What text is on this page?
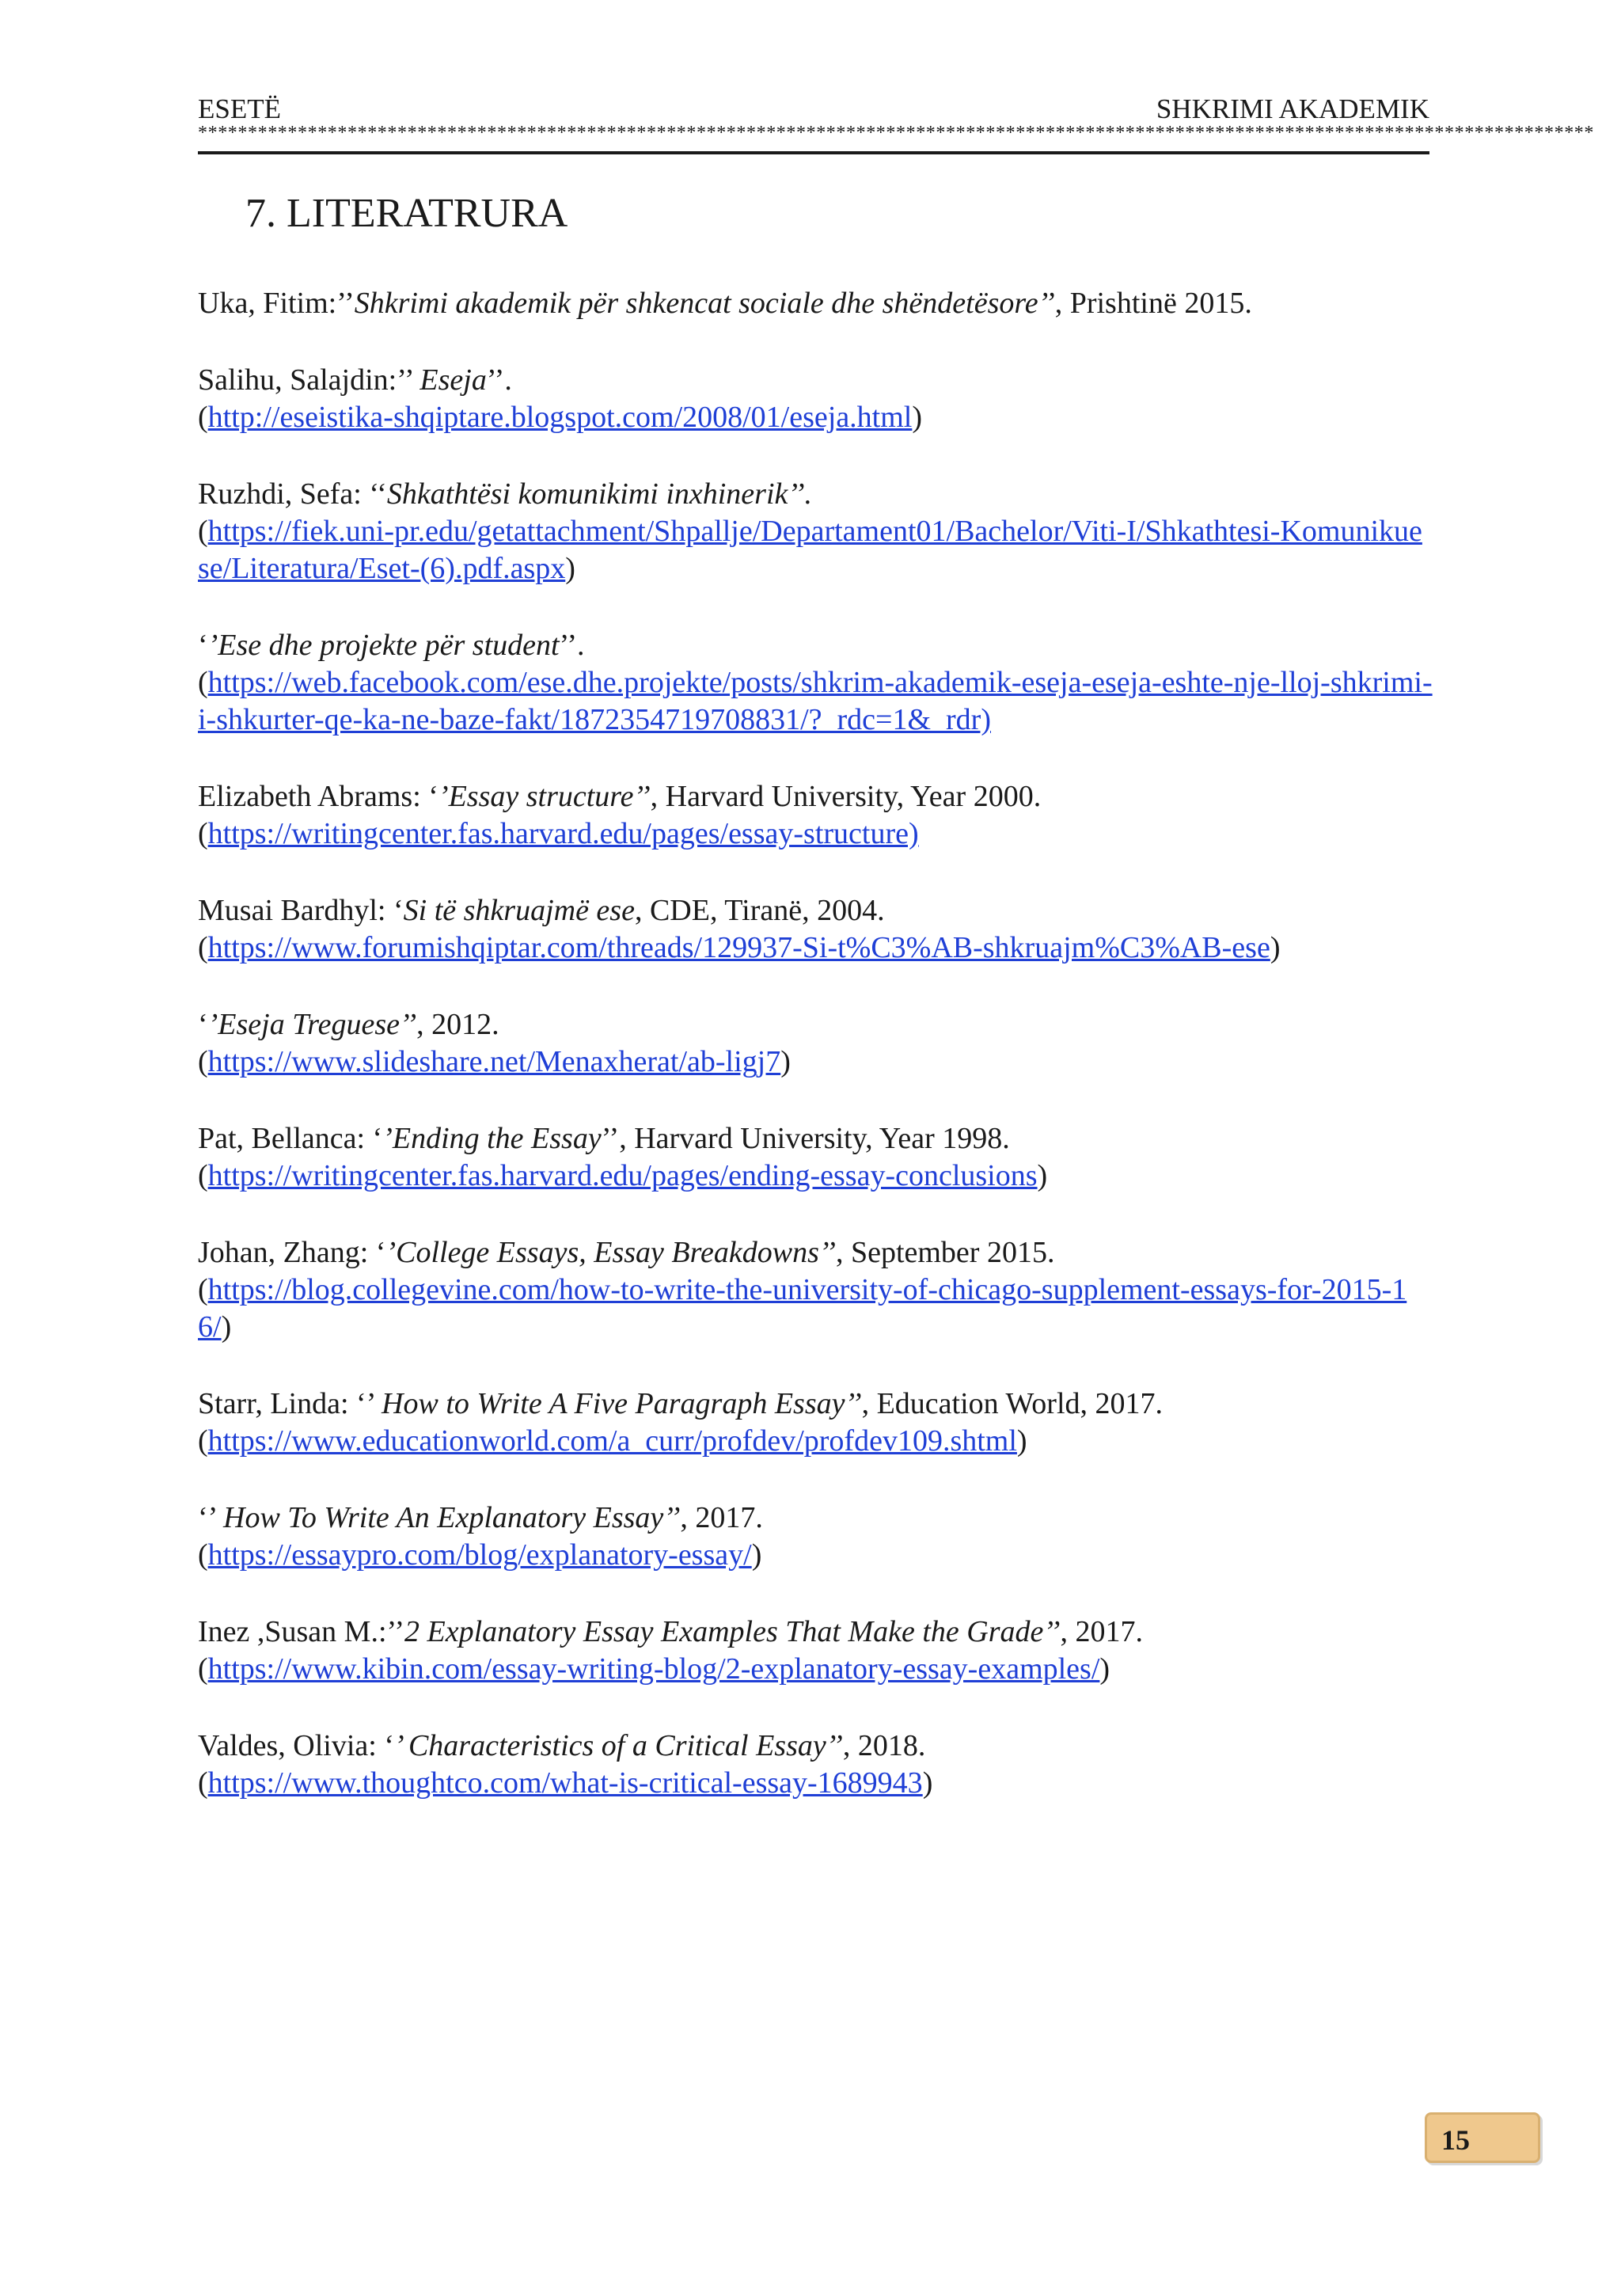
ESETË	SHKRIMI AKADEMIK
********************************************************************************************************************************************
7. LITERATRURA
Uka, Fitim:’’Shkrimi akademik për shkencat sociale dhe shëndetësore’’, Prishtinë 2015.
Salihu, Salajdin:’’ Eseja’’.
(http://eseistika-shqiptare.blogspot.com/2008/01/eseja.html)
Ruzhdi, Sefa: ‘‘Shkathtësi komunikimi inxhinerik’’.
(https://fiek.uni-pr.edu/getattachment/Shpallje/Departament01/Bachelor/Viti-I/Shkathtesi-Komunikuese/Literatura/Eset-(6).pdf.aspx)
‘’Ese dhe projekte për student’’.
(https://web.facebook.com/ese.dhe.projekte/posts/shkrim-akademik-eseja-eseja-eshte-nje-lloj-shkrimi-i-shkurter-qe-ka-ne-baze-fakt/1872354719708831/?_rdc=1&_rdr)
Elizabeth Abrams: ‘’Essay structure’’, Harvard University, Year 2000.
(https://writingcenter.fas.harvard.edu/pages/essay-structure)
Musai Bardhyl: ‘Si të shkruajmë ese, CDE, Tiranë, 2004.
(https://www.forumishqiptar.com/threads/129937-Si-t%C3%AB-shkruajm%C3%AB-ese)
‘’Eseja Treguese’’, 2012.
(https://www.slideshare.net/Menaxherat/ab-ligj7)
Pat, Bellanca: ‘’Ending the Essay’’, Harvard University, Year 1998.
(https://writingcenter.fas.harvard.edu/pages/ending-essay-conclusions)
Johan, Zhang: ‘’College Essays, Essay Breakdowns’’, September 2015.
(https://blog.collegevine.com/how-to-write-the-university-of-chicago-supplement-essays-for-2015-16/)
Starr, Linda: ‘’ How to Write A Five Paragraph Essay’’, Education World, 2017.
(https://www.educationworld.com/a_curr/profdev/profdev109.shtml)
‘’ How To Write An Explanatory Essay’’, 2017.
(https://essaypro.com/blog/explanatory-essay/)
Inez ,Susan M.:’’2 Explanatory Essay Examples That Make the Grade’’, 2017.
(https://www.kibin.com/essay-writing-blog/2-explanatory-essay-examples/)
Valdes, Olivia: ‘’ Characteristics of a Critical Essay’’, 2018.
(https://www.thoughtco.com/what-is-critical-essay-1689943)
15
